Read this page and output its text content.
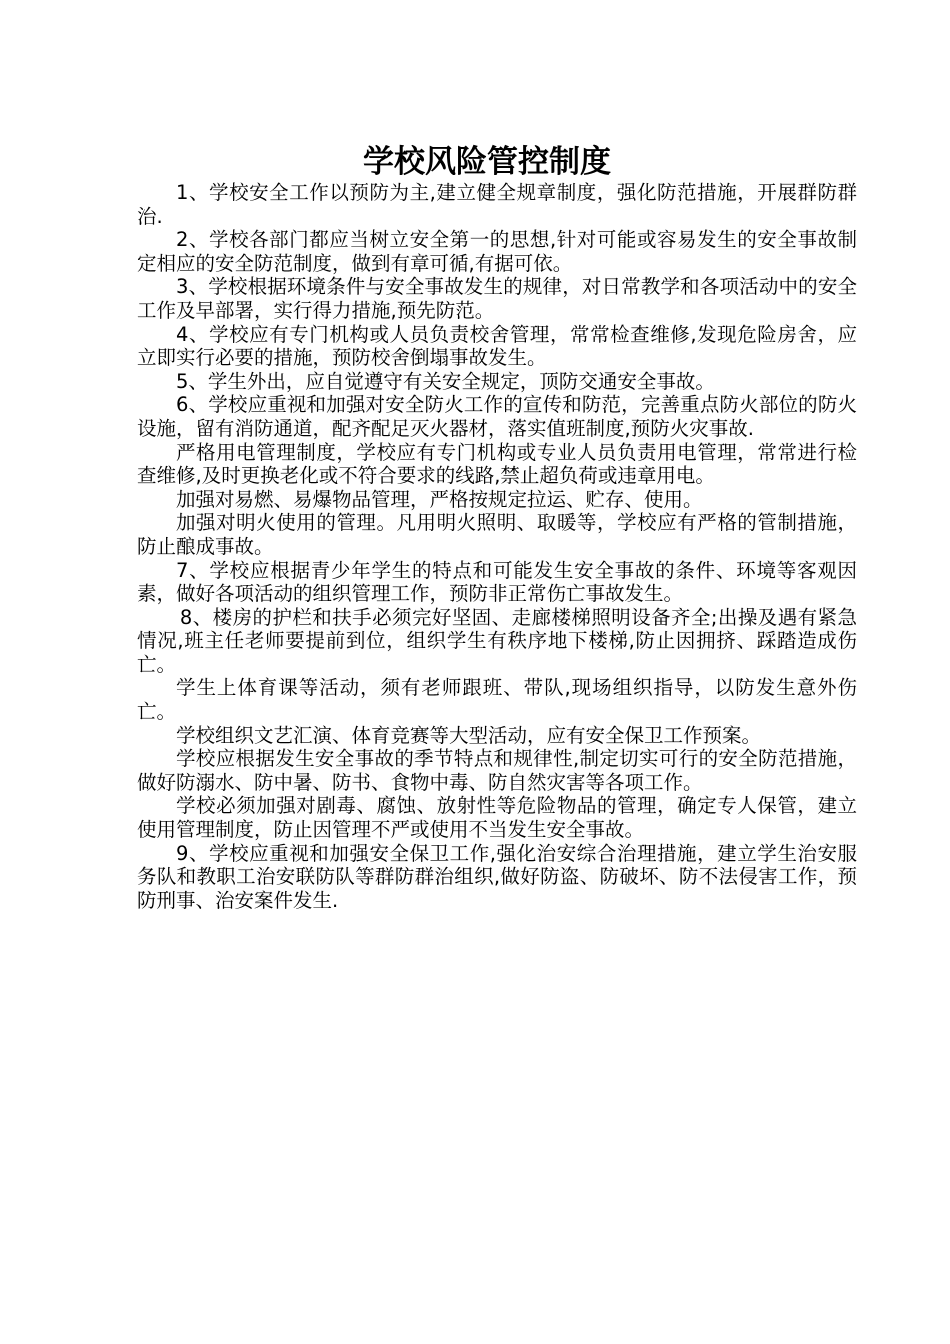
学校风险管控制度

1、学校安全工作以预防为主,建立健全规章制度，强化防范措施，开展群防群治.

2、学校各部门都应当树立安全第一的思想,针对可能或容易发生的安全事故制定相应的安全防范制度，做到有章可循,有据可依。

3、学校根据环境条件与安全事故发生的规律，对日常教学和各项活动中的安全工作及早部署，实行得力措施,预先防范。

4、学校应有专门机构或人员负责校舍管理，常常检查维修,发现危险房舍，应立即实行必要的措施，预防校舍倒塌事故发生。

5、学生外出，应自觉遵守有关安全规定，顶防交通安全事故。

6、学校应重视和加强对安全防火工作的宣传和防范，完善重点防火部位的防火设施，留有消防通道，配齐配足灭火器材，落实值班制度,预防火灾事故.

严格用电管理制度，学校应有专门机构或专业人员负责用电管理，常常进行检查维修,及时更换老化或不符合要求的线路,禁止超负荷或违章用电。

加强对易燃、易爆物品管理，严格按规定拉运、贮存、使用。

加强对明火使用的管理。凡用明火照明、取暖等，学校应有严格的管制措施，防止酿成事故。

7、学校应根据青少年学生的特点和可能发生安全事故的条件、环境等客观因素，做好各项活动的组织管理工作，预防非正常伤亡事故发生。

8、楼房的护栏和扶手必须完好坚固、走廊楼梯照明设备齐全;出操及遇有紧急情况,班主任老师要提前到位，组织学生有秩序地下楼梯,防止因拥挤、踩踏造成伤亡。

学生上体育课等活动，须有老师跟班、带队,现场组织指导，以防发生意外伤亡。

学校组织文艺汇演、体育竞赛等大型活动，应有安全保卫工作预案。

学校应根据发生安全事故的季节特点和规律性,制定切实可行的安全防范措施，做好防溺水、防中暑、防书、食物中毒、防自然灾害等各项工作。

学校必须加强对剧毒、腐蚀、放射性等危险物品的管理，确定专人保管，建立使用管理制度，防止因管理不严或使用不当发生安全事故。

9、学校应重视和加强安全保卫工作,强化治安综合治理措施，建立学生治安服务队和教职工治安联防队等群防群治组织,做好防盗、防破坏、防不法侵害工作，预防刑事、治安案件发生.
